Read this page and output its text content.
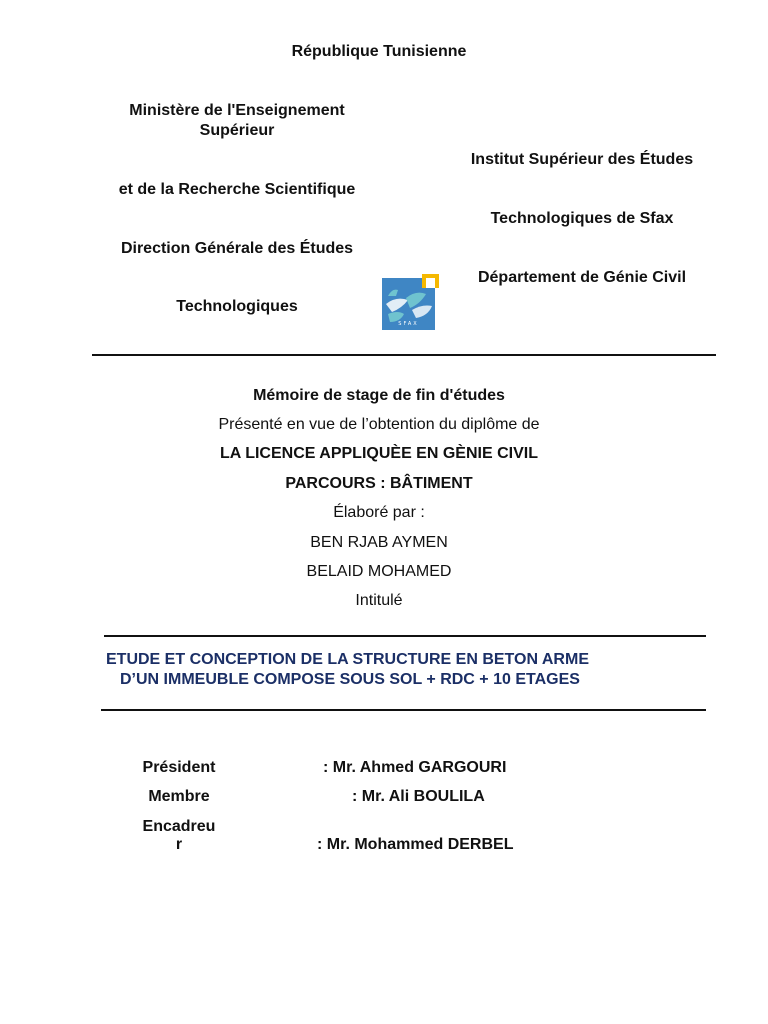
République Tunisienne
Ministère de l'Enseignement
Supérieur
et de la Recherche Scientifique
Direction Générale des Études
Technologiques
Institut Supérieur des Études
Technologiques de Sfax
Département de Génie Civil
SFAX
Mémoire de stage de fin d'études
Présenté en vue de l’obtention du diplôme de
LA LICENCE APPLIQUÈE EN GÈNIE CIVIL
PARCOURS : BÂTIMENT
Élaboré par :
BEN RJAB AYMEN
BELAID MOHAMED
Intitulé
ETUDE ET CONCEPTION DE LA STRUCTURE EN BETON ARME
D’UN IMMEUBLE COMPOSE SOUS SOL + RDC + 10 ETAGES
Président	: Mr. Ahmed GARGOURI
Membre	: Mr. Ali BOULILA
Encadreu
r	: Mr. Mohammed DERBEL
